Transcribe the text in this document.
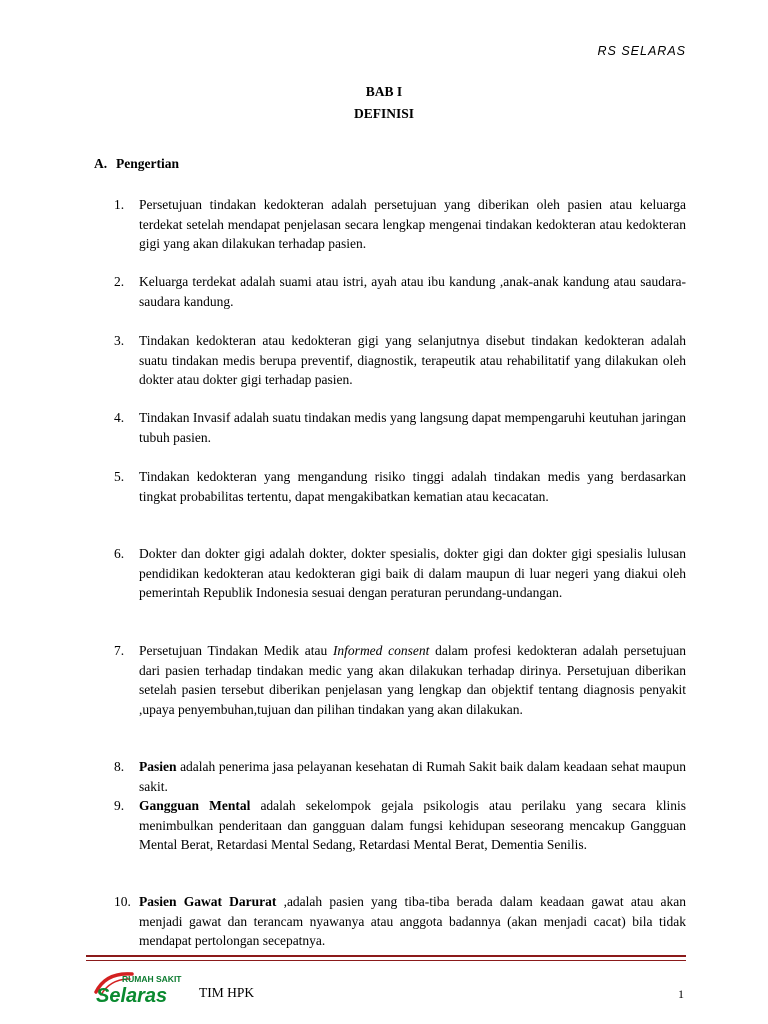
RS SELARAS
BAB I
DEFINISI
A. Pengertian
1. Persetujuan tindakan kedokteran adalah persetujuan yang diberikan oleh pasien atau keluarga terdekat setelah mendapat penjelasan secara lengkap mengenai tindakan kedokteran atau kedokteran gigi yang akan dilakukan terhadap pasien.
2. Keluarga terdekat adalah suami atau istri, ayah atau ibu kandung ,anak-anak kandung atau saudara-saudara kandung.
3. Tindakan kedokteran atau kedokteran gigi yang selanjutnya disebut tindakan kedokteran adalah suatu tindakan medis berupa preventif, diagnostik, terapeutik atau rehabilitatif yang dilakukan oleh dokter atau dokter gigi terhadap pasien.
4. Tindakan Invasif adalah suatu tindakan medis yang langsung dapat mempengaruhi keutuhan jaringan tubuh pasien.
5. Tindakan kedokteran yang mengandung risiko tinggi adalah tindakan medis yang berdasarkan tingkat probabilitas tertentu, dapat mengakibatkan kematian atau kecacatan.
6. Dokter dan dokter gigi adalah dokter, dokter spesialis, dokter gigi dan dokter gigi spesialis lulusan pendidikan kedokteran atau kedokteran gigi baik di dalam maupun di luar negeri yang diakui oleh pemerintah Republik Indonesia sesuai dengan peraturan perundang-undangan.
7. Persetujuan Tindakan Medik atau Informed consent dalam profesi kedokteran adalah persetujuan dari pasien terhadap tindakan medic yang akan dilakukan terhadap dirinya. Persetujuan diberikan setelah pasien tersebut diberikan penjelasan yang lengkap dan objektif tentang diagnosis penyakit ,upaya penyembuhan,tujuan dan pilihan tindakan yang akan dilakukan.
8. Pasien adalah penerima jasa pelayanan kesehatan di Rumah Sakit baik dalam keadaan sehat maupun sakit.
9. Gangguan Mental adalah sekelompok gejala psikologis atau perilaku yang secara klinis menimbulkan penderitaan dan gangguan dalam fungsi kehidupan seseorang mencakup Gangguan Mental Berat, Retardasi Mental Sedang, Retardasi Mental Berat, Dementia Senilis.
10. Pasien Gawat Darurat ,adalah pasien yang tiba-tiba berada dalam keadaan gawat atau akan menjadi gawat dan terancam nyawanya atau anggota badannya (akan menjadi cacat) bila tidak mendapat pertolongan secepatnya.
RUMAH SAKIT
Selaras TIM HPK	1
